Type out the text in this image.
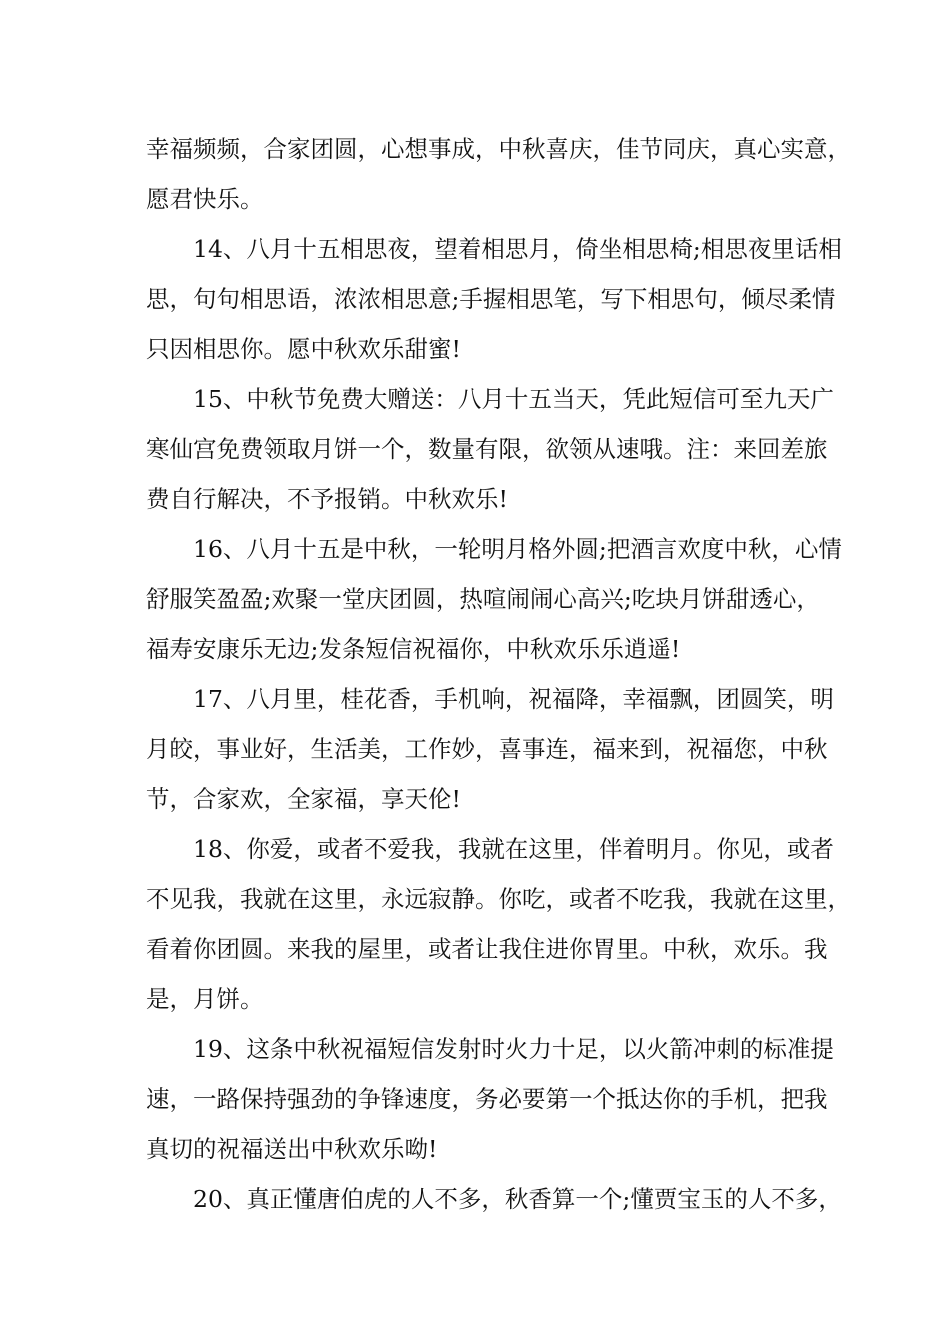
幸福频频，合家团圆，心想事成，中秋喜庆，佳节同庆，真心实意，
愿君快乐。
14、八月十五相思夜，望着相思月，倚坐相思椅;相思夜里话相
思，句句相思语，浓浓相思意;手握相思笔，写下相思句，倾尽柔情
只因相思你。愿中秋欢乐甜蜜!
15、中秋节免费大赠送：八月十五当天，凭此短信可至九天广
寒仙宫免费领取月饼一个，数量有限，欲领从速哦。注：来回差旅
费自行解决，不予报销。中秋欢乐!
16、八月十五是中秋，一轮明月格外圆;把酒言欢度中秋，心情
舒服笑盈盈;欢聚一堂庆团圆，热喧闹闹心高兴;吃块月饼甜透心，
福寿安康乐无边;发条短信祝福你，中秋欢乐乐逍遥!
17、八月里，桂花香，手机响，祝福降，幸福飘，团圆笑，明
月皎，事业好，生活美，工作妙，喜事连，福来到，祝福您，中秋
节，合家欢，全家福，享天伦!
18、你爱，或者不爱我，我就在这里，伴着明月。你见，或者
不见我，我就在这里，永远寂静。你吃，或者不吃我，我就在这里，
看着你团圆。来我的屋里，或者让我住进你胃里。中秋，欢乐。我
是，月饼。
19、这条中秋祝福短信发射时火力十足，以火箭冲刺的标准提
速，一路保持强劲的争锋速度，务必要第一个抵达你的手机，把我
真切的祝福送出中秋欢乐呦!
20、真正懂唐伯虎的人不多，秋香算一个;懂贾宝玉的人不多，
